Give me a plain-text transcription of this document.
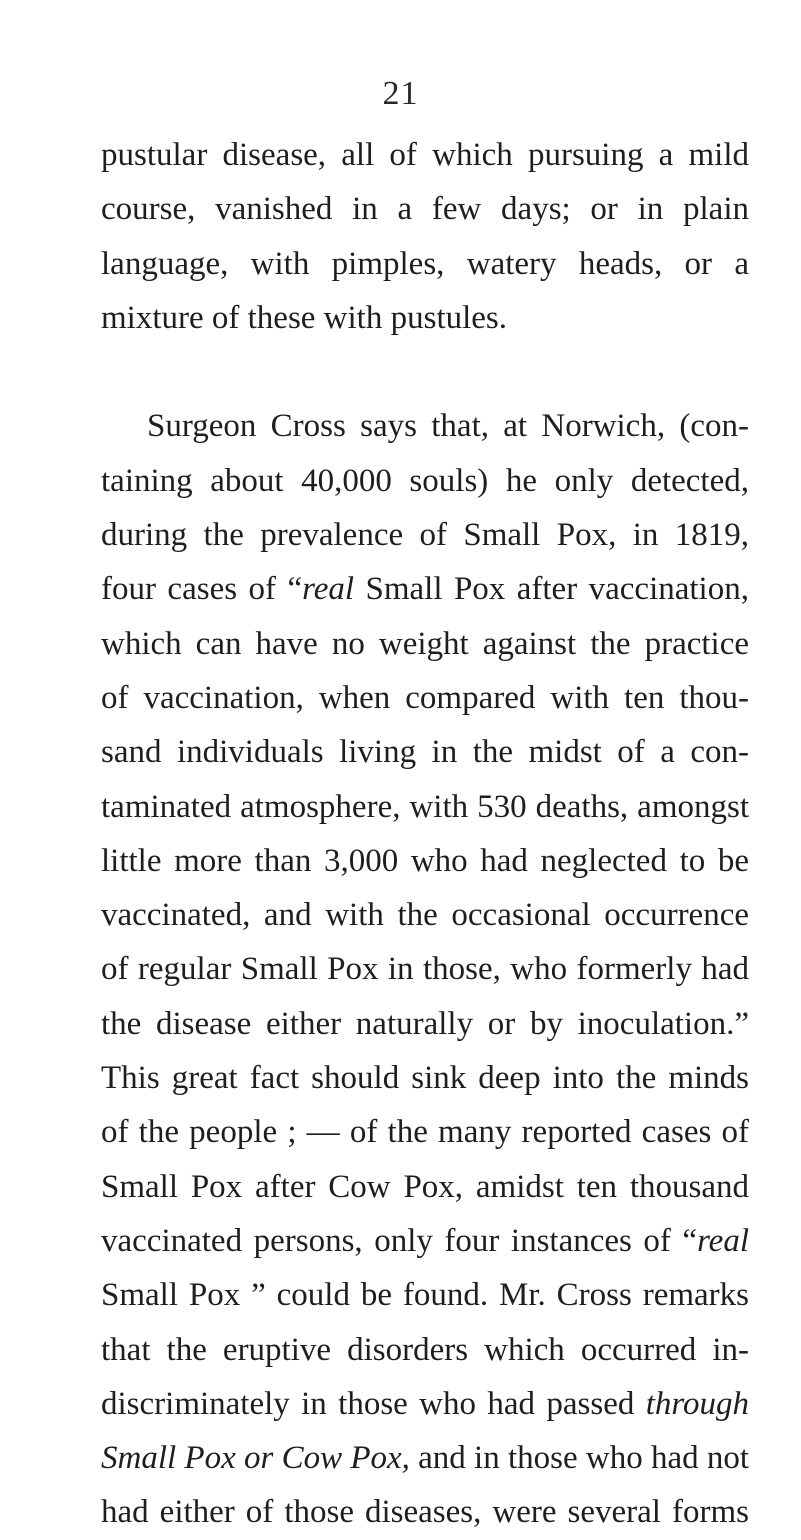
21
pustular disease, all of which pursuing a mild
course, vanished in a few days; or in plain
language, with pimples, watery heads, or a
mixture of these with pustules.
Surgeon Cross says that, at Norwich, (con-
taining about 40,000 souls) he only detected,
during the prevalence of Small Pox, in 1819,
four cases of “real Small Pox after vaccination,
which can have no weight against the practice
of vaccination, when compared with ten thou-
sand individuals living in the midst of a con-
taminated atmosphere, with 530 deaths, amongst
little more than 3,000 who had neglected to be
vaccinated, and with the occasional occurrence
of regular Small Pox in those, who formerly had
the disease either naturally or by inoculation.”
This great fact should sink deep into the minds
of the people ; — of the many reported cases of
Small Pox after Cow Pox, amidst ten thousand
vaccinated persons, only four instances of “real
Small Pox ” could be found. Mr. Cross remarks
that the eruptive disorders which occurred in-
discriminately in those who had passed through
Small Pox or Cow Pox, and in those who had not
had either of those diseases, were several forms
